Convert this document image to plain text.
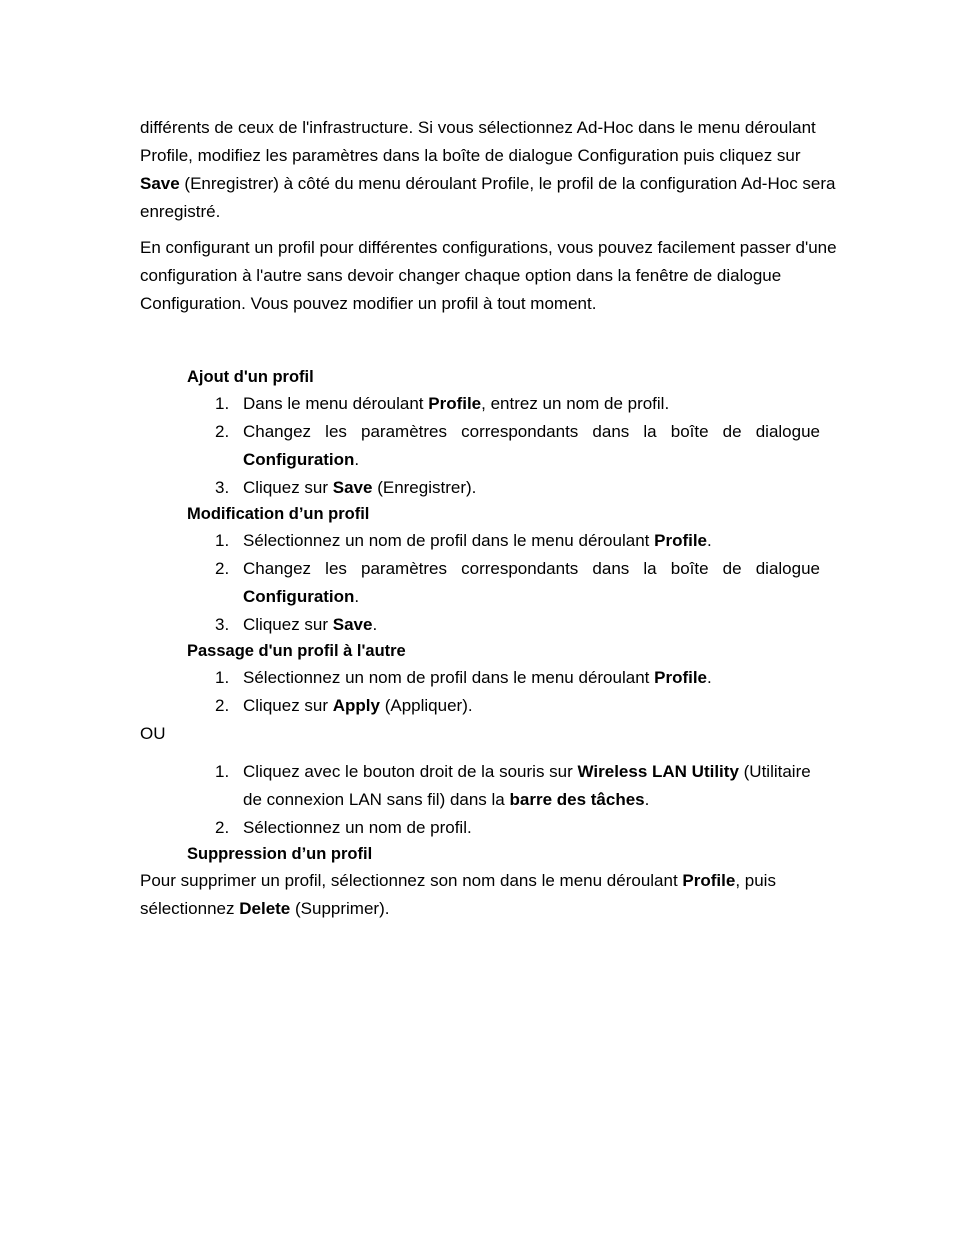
différents de ceux de l'infrastructure. Si vous sélectionnez Ad-Hoc dans le menu déroulant Profile, modifiez les paramètres dans la boîte de dialogue Configuration puis cliquez sur Save (Enregistrer) à côté du menu déroulant Profile, le profil de la configuration Ad-Hoc sera enregistré.

En configurant un profil pour différentes configurations, vous pouvez facilement passer d'une configuration à l'autre sans devoir changer chaque option dans la fenêtre de dialogue Configuration. Vous pouvez modifier un profil à tout moment.

Ajout d'un profil
1. Dans le menu déroulant Profile, entrez un nom de profil.
2. Changez les paramètres correspondants dans la boîte de dialogue Configuration.
3. Cliquez sur Save (Enregistrer).
Modification d’un profil
1. Sélectionnez un nom de profil dans le menu déroulant Profile.
2. Changez les paramètres correspondants dans la boîte de dialogue Configuration.
3. Cliquez sur Save.
Passage d'un profil à l'autre
1. Sélectionnez un nom de profil dans le menu déroulant Profile.
2. Cliquez sur Apply (Appliquer).

OU

1. Cliquez avec le bouton droit de la souris sur Wireless LAN Utility (Utilitaire de connexion LAN sans fil) dans la barre des tâches.
2. Sélectionnez un nom de profil.
Suppression d’un profil

Pour supprimer un profil, sélectionnez son nom dans le menu déroulant Profile, puis sélectionnez Delete (Supprimer).
